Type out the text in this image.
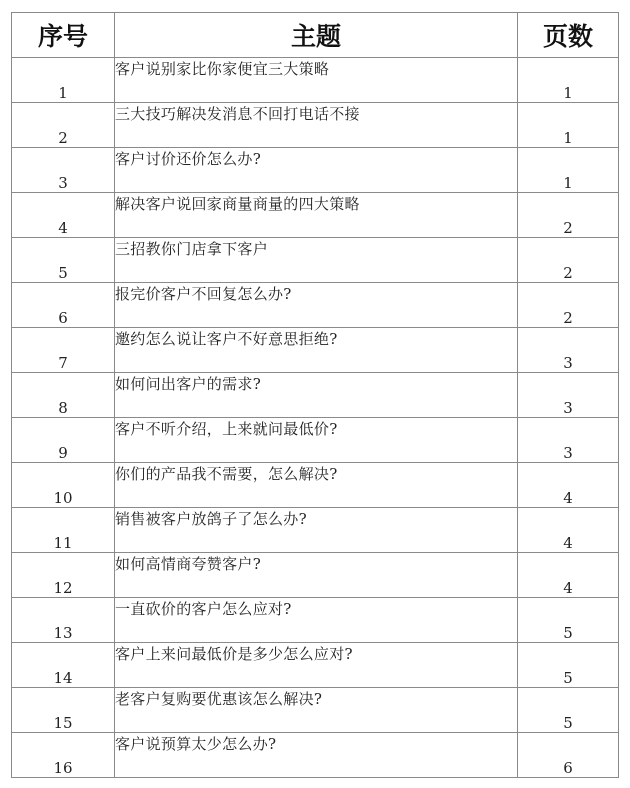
序号	主题	页数
1	客户说别家比你家便宜三大策略	1
2	三大技巧解决发消息不回打电话不接	1
3	客户讨价还价怎么办?	1
4	解决客户说回家商量商量的四大策略	2
5	三招教你门店拿下客户	2
6	报完价客户不回复怎么办?	2
7	邀约怎么说让客户不好意思拒绝?	3
8	如何问出客户的需求?	3
9	客户不听介绍，上来就问最低价?	3
10	你们的产品我不需要，怎么解决?	4
11	销售被客户放鸽子了怎么办?	4
12	如何高情商夸赞客户?	4
13	一直砍价的客户怎么应对?	5
14	客户上来问最低价是多少怎么应对?	5
15	老客户复购要优惠该怎么解决?	5
16	客户说预算太少怎么办?	6
